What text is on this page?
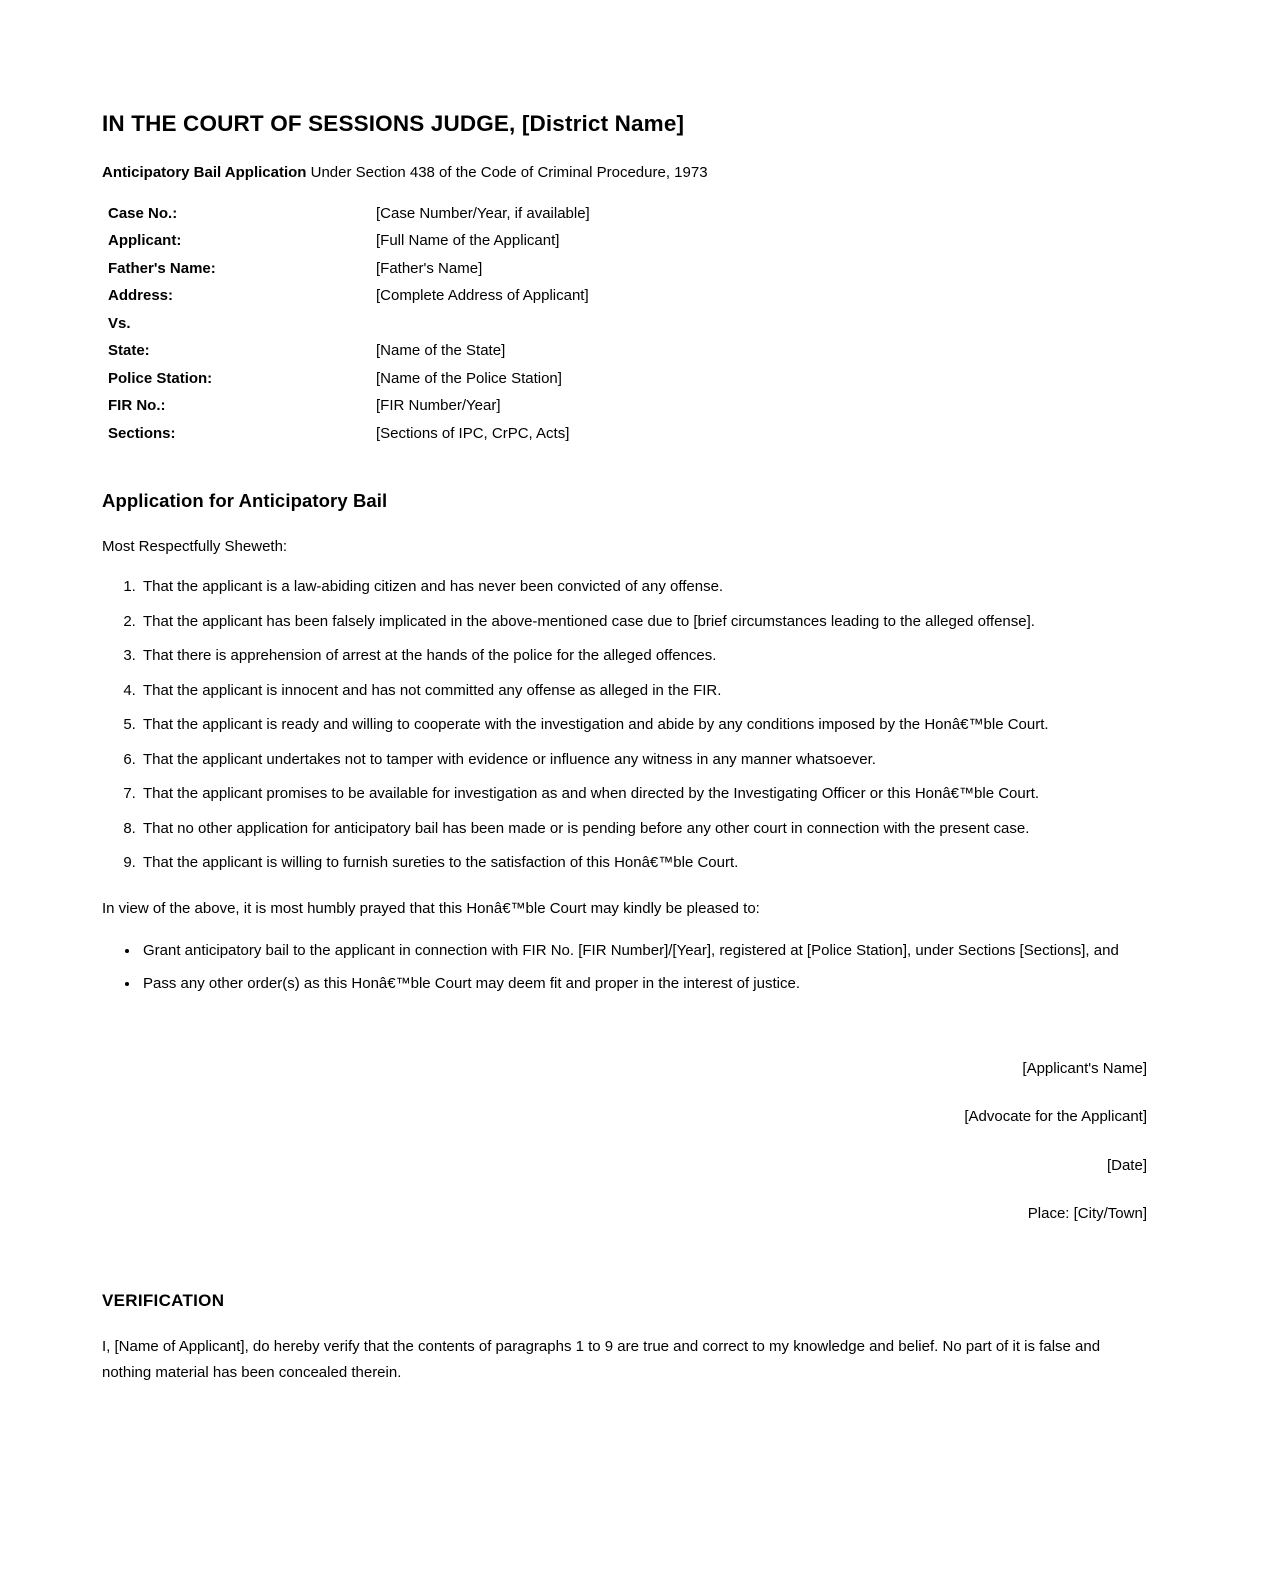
IN THE COURT OF SESSIONS JUDGE, [District Name]

Anticipatory Bail Application Under Section 438 of the Code of Criminal Procedure, 1973

Case No.:	[Case Number/Year, if available]
Applicant:	[Full Name of the Applicant]
Father's Name:	[Father's Name]
Address:	[Complete Address of Applicant]
Vs.	
State:	[Name of the State]
Police Station:	[Name of the Police Station]
FIR No.:	[FIR Number/Year]
Sections:	[Sections of IPC, CrPC, Acts]
Application for Anticipatory Bail

Most Respectfully Sheweth:

1. That the applicant is a law-abiding citizen and has never been convicted of any offense.
2. That the applicant has been falsely implicated in the above-mentioned case due to [brief circumstances leading to the alleged offense].
3. That there is apprehension of arrest at the hands of the police for the alleged offences.
4. That the applicant is innocent and has not committed any offense as alleged in the FIR.
5. That the applicant is ready and willing to cooperate with the investigation and abide by any conditions imposed by the Honâ€™ble Court.
6. That the applicant undertakes not to tamper with evidence or influence any witness in any manner whatsoever.
7. That the applicant promises to be available for investigation as and when directed by the Investigating Officer or this Honâ€™ble Court.
8. That no other application for anticipatory bail has been made or is pending before any other court in connection with the present case.
9. That the applicant is willing to furnish sureties to the satisfaction of this Honâ€™ble Court.

In view of the above, it is most humbly prayed that this Honâ€™ble Court may kindly be pleased to:

• Grant anticipatory bail to the applicant in connection with FIR No. [FIR Number]/[Year], registered at [Police Station], under Sections [Sections], and
• Pass any other order(s) as this Honâ€™ble Court may deem fit and proper in the interest of justice.
[Applicant's Name]
[Advocate for the Applicant]
[Date]
Place: [City/Town]
VERIFICATION

I, [Name of Applicant], do hereby verify that the contents of paragraphs 1 to 9 are true and correct to my knowledge and belief. No part of it is false and nothing material has been concealed therein.
